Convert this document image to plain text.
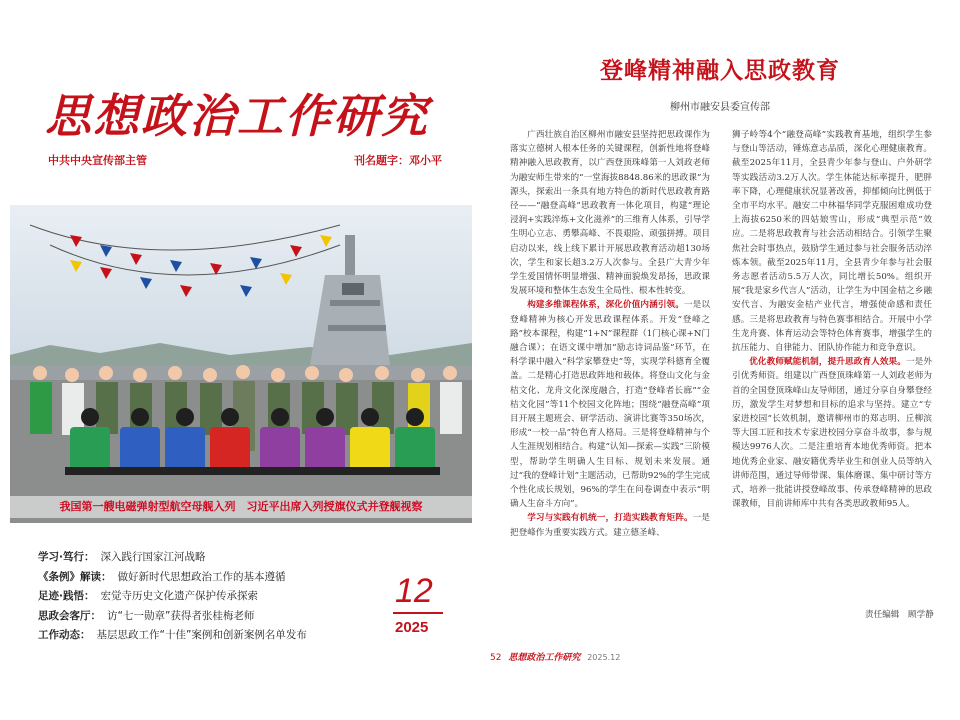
思想政治工作研究
中共中央宣传部主管	刊名题字：邓小平
我国第一艘电磁弹射型航空母舰入列　习近平出席入列授旗仪式并登舰视察
学习·笃行： 深入践行国家江河战略
《条例》解读： 做好新时代思想政治工作的基本遵循
足迹·践悟： 宏觉寺历史文化遗产保护传承探索
思政会客厅： 访“七一勋章”获得者张桂梅老师
工作动态： 基层思政工作“十佳”案例和创新案例名单发布
12
2025
登峰精神融入思政教育
柳州市融安县委宣传部

广西壮族自治区柳州市融安县坚持把思政课作为落实立德树人根本任务的关键课程，创新性地将登峰精神融入思政教育，以广西登顶珠峰第一人刘政老师为融安师生带来的“一堂海拔8848.86米的思政课”为源头，探索出一条具有地方特色的新时代思政教育路径——“融登高峰”思政教育一体化项目，构建“理论浸润+实践淬炼+文化滋养”的三维育人体系，引导学生明心立志、勇攀高峰、不畏艰险、顽强拼搏。项目启动以来，线上线下累计开展思政教育活动超130场次，学生和家长超3.2万人次参与。全县广大青少年学生爱国情怀明显增强、精神面貌焕发昂扬，思政课发展环境和整体生态发生全局性、根本性转变。

构建多维课程体系，深化价值内涵引领。一是以登峰精神为核心开发思政课程体系。开发“登峰之路”校本课程，构建“1+N”课程群（1门核心课+N门融合课）；在语文课中增加“励志诗词品鉴”环节，在科学课中融入“科学家攀登史”等，实现学科德育全覆盖。二是精心打造思政阵地和载体。将登山文化与金桔文化、龙舟文化深度融合，打造“登峰者长廊”“金桔文化园”等11个校园文化阵地；围绕“融登高峰”项目开展主题班会、研学活动、演讲比赛等350场次，形成“一校一品”特色育人格局。三是将登峰精神与个人生涯规划相结合。构建“认知—探索—实践”三阶模型，帮助学生明确人生目标、规划未来发展。通过“我的登峰计划”主题活动，已帮助92%的学生完成个性化成长规划，96%的学生在问卷调查中表示“明确人生奋斗方向”。

学习与实践有机统一，打造实践教育矩阵。一是把登峰作为重要实践方式。建立德圣峰、

狮子岭等4个“融登高峰”实践教育基地，组织学生参与登山等活动，锤炼意志品质，深化心理健康教育。截至2025年11月，全县青少年参与登山、户外研学等实践活动3.2万人次。学生体能达标率提升，肥胖率下降，心理健康状况显著改善，抑郁倾向比例低于全市平均水平。融安二中林福华同学克服困难成功登上海拔6250米的四姑娘雪山，形成“典型示范”效应。二是将思政教育与社会活动相结合。引领学生聚焦社会时事热点，鼓励学生通过参与社会服务活动淬炼本领。截至2025年11月，全县青少年参与社会服务志愿者活动5.5万人次，同比增长50%。组织开展“我是家乡代言人”活动，让学生为中国金桔之乡融安代言、为融安金桔产业代言，增强使命感和责任感。三是将思政教育与特色赛事相结合。开展中小学生龙舟赛、体育运动会等特色体育赛事，增强学生的抗压能力、自律能力、团队协作能力和竞争意识。

优化教师赋能机制，提升思政育人效果。一是外引优秀师资。组建以广西登顶珠峰第一人刘政老师为首的全国登顶珠峰山友导师团，通过分享自身攀登经历，激发学生对梦想和目标的追求与坚持。建立“专家进校园”长效机制，邀请柳州市的郑志明、丘柳滨等大国工匠和技术专家进校园分享奋斗故事，参与规模达9976人次。二是注重培育本地优秀师资。把本地优秀企业家、融安籍优秀毕业生和创业人员等纳入讲师范围，通过导师带课、集体磨课、集中研讨等方式，培养一批能讲授登峰故事、传承登峰精神的思政课教师，目前讲师库中共有各类思政教师95人。

责任编辑　顾学静
52 思想政治工作研究 2025.12
